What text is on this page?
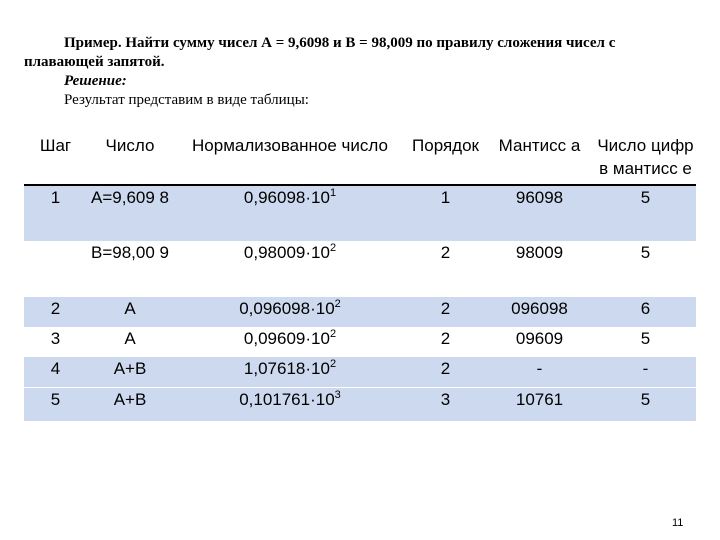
Пример. Найти сумму чисел А = 9,6098 и В = 98,009 по правилу сложения чисел с плавающей запятой.

Решение:

Результат представим в виде таблицы:

Шаг	Число	Нормализованное число	Порядок	Мантисс а	Число цифр в мантисс е
1	A=9,609 8	$0,96098\cdot 10^1$	1	96098	5
	B=98,00 9	$0,98009\cdot 10^2$	2	98009	5
2	A	$0,096098\cdot 10^2$	2	096098	6
3	A	$0,09609\cdot 10^2$	2	09609	5
4	A+B	$1,07618\cdot 10^2$	2	-	-
5	A+B	$0,101761\cdot 10^3$	3	10761	5
11
